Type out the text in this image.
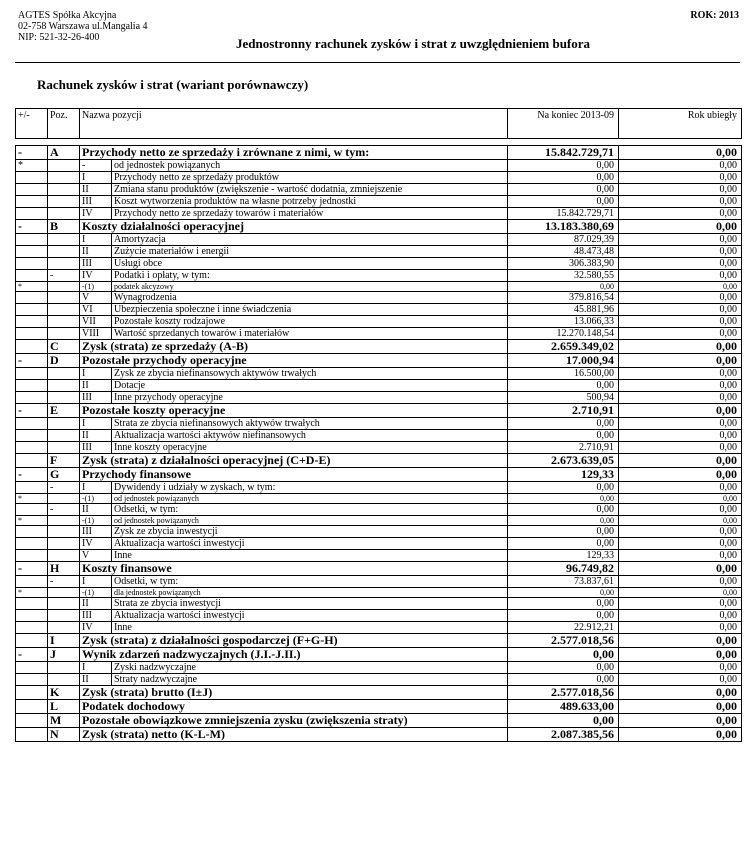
AGTES Spółka Akcyjna
02-758 Warszawa ul.Mangalia 4
NIP: 521-32-26-400
ROK: 2013
Jednostronny rachunek zysków i strat z uwzględnieniem bufora
Rachunek zysków i strat (wariant porównawczy)
+/-	Poz.	Nazwa pozycji		Na koniec 2013-09	Rok ubiegły

-	A	Przychody netto ze sprzedaży i zrównane z nimi, w tym:		15.842.729,71	0,00
*		-	od jednostek powiązanych	0,00	0,00
		I	Przychody netto ze sprzedaży produktów	0,00	0,00
		II	Zmiana stanu produktów (zwiększenie - wartość dodatnia, zmniejszenie	0,00	0,00
		III	Koszt wytworzenia produktów na własne potrzeby jednostki	0,00	0,00
		IV	Przychody netto ze sprzedaży towarów i materiałów	15.842.729,71	0,00
-	B	Koszty działalności operacyjnej		13.183.380,69	0,00
		I	Amortyzacja	87.029,39	0,00
		II	Zużycie materiałów i energii	48.473,48	0,00
		III	Usługi obce	306.383,90	0,00
	-	IV	Podatki i opłaty, w tym:	32.580,55	0,00
*		-(1)	podatek akcyzowy	0,00	0,00
		V	Wynagrodzenia	379.816,54	0,00
		VI	Ubezpieczenia społeczne i inne świadczenia	45.881,96	0,00
		VII	Pozostałe koszty rodzajowe	13.066,33	0,00
		VIII	Wartość sprzedanych towarów i materiałów	12.270.148,54	0,00
	C	Zysk (strata) ze sprzedaży (A-B)		2.659.349,02	0,00
-	D	Pozostałe przychody operacyjne		17.000,94	0,00
		I	Zysk ze zbycia niefinansowych aktywów trwałych	16.500,00	0,00
		II	Dotacje	0,00	0,00
		III	Inne przychody operacyjne	500,94	0,00
-	E	Pozostałe koszty operacyjne		2.710,91	0,00
		I	Strata ze zbycia niefinansowych aktywów trwałych	0,00	0,00
		II	Aktualizacja wartości aktywów niefinansowych	0,00	0,00
		III	Inne koszty operacyjne	2.710,91	0,00
	F	Zysk (strata) z działalności operacyjnej (C+D-E)		2.673.639,05	0,00
-	G	Przychody finansowe		129,33	0,00
	-	I	Dywidendy i udziały w zyskach, w tym:	0,00	0,00
*		-(1)	od jednostek powiązanych	0,00	0,00
	-	II	Odsetki, w tym:	0,00	0,00
*		-(1)	od jednostek powiązanych	0,00	0,00
		III	Zysk ze zbycia inwestycji	0,00	0,00
		IV	Aktualizacja wartości inwestycji	0,00	0,00
		V	Inne	129,33	0,00
-	H	Koszty finansowe		96.749,82	0,00
	-	I	Odsetki, w tym:	73.837,61	0,00
*		-(1)	dla jednostek powiązanych	0,00	0,00
		II	Strata ze zbycia inwestycji	0,00	0,00
		III	Aktualizacja wartości inwestycji	0,00	0,00
		IV	Inne	22.912,21	0,00
	I	Zysk (strata) z działalności gospodarczej (F+G-H)		2.577.018,56	0,00
-	J	Wynik zdarzeń nadzwyczajnych (J.I.-J.II.)		0,00	0,00
		I	Zyski nadzwyczajne	0,00	0,00
		II	Straty nadzwyczajne	0,00	0,00
	K	Zysk (strata) brutto (I±J)		2.577.018,56	0,00
	L	Podatek dochodowy		489.633,00	0,00
	M	Pozostałe obowiązkowe zmniejszenia zysku (zwiększenia straty)		0,00	0,00
	N	Zysk (strata) netto (K-L-M)		2.087.385,56	0,00
